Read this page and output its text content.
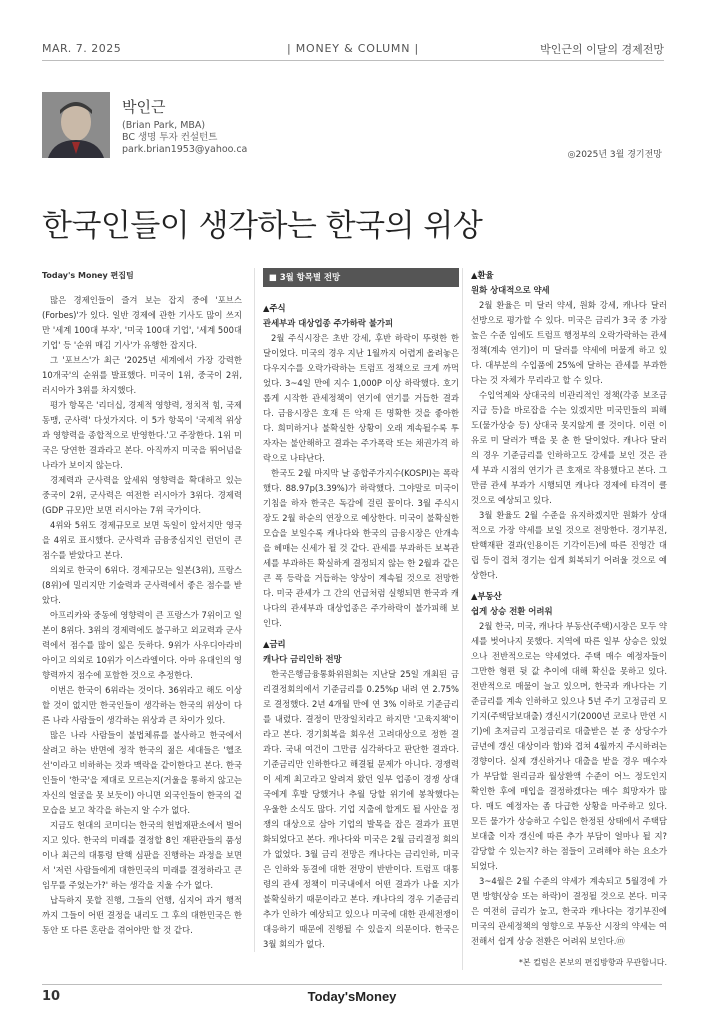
MAR. 7. 2025	| MONEY & COLUMN |	박인근의 이달의 경제전망
박인근
(Brian Park, MBA)
BC 생명 투자 컨설턴트
park.brian1953@yahoo.ca	◎2025년 3월 경기전망
한국인들이 생각하는 한국의 위상
Today's Money 편집팀

많은 경제인들이 즐겨 보는 잡지 중에 '포브스(Forbes)'가 있다. 일반 경제에 관한 기사도 많이 쓰지만 '세계 100대 부자', '미국 100대 기업', '세계 500대 기업' 등 '순위 매김 기사'가 유행한 잡지다.

그 '포브스'가 최근 '2025년 세계에서 가장 강력한 10개국'의 순위를 발표했다. 미국이 1위, 중국이 2위, 러시아가 3위를 차지했다.

평가 항목은 '리더십, 경제적 영향력, 정치적 힘, 국제 동맹, 군사력' 다섯가지다. 이 5가 항목이 '국제적 위상과 영향력을 종합적으로 반영한다.'고 주장한다. 1위 미국은 당연한 결과라고 본다. 아직까지 미국을 뛰어넘을 나라가 보이지 않는다.

경제력과 군사력을 앞세워 영향력을 확대하고 있는 중국이 2위, 군사력은 여전한 러시아가 3위다. 경제력(GDP 규모)만 보면 러시아는 7위 국가이다.

4위와 5위도 경제규모로 보면 독일이 앞서지만 영국을 4위로 표시했다. 군사력과 금융중심지인 런던이 큰 점수를 받았다고 본다.

의외로 한국이 6위다. 경제규모는 일본(3위), 프랑스(8위)에 밀리지만 기술력과 군사력에서 좋은 점수를 받았다.

아프리카와 중동에 영향력이 큰 프랑스가 7위이고 일본이 8위다. 3위의 경제력에도 불구하고 외교력과 군사력에서 점수를 많이 잃은 듯하다. 9위가 사우디아라비아이고 의외로 10위가 이스라엘이다. 아마 유대인의 영향력까지 점수에 포함한 것으로 추정한다.

이번은 한국이 6위라는 것이다. 36위라고 해도 이상할 것이 없지만 한국인들이 생각하는 한국의 위상이 다른 나라 사람들이 생각하는 위상과 큰 차이가 있다.

많은 나라 사람들이 불법체류를 불사하고 한국에서 살려고 하는 반면에 정작 한국의 젊은 세대들은 '헬조선'이라고 비하하는 것과 맥락을 같이한다고 본다. 한국인들이 '한국'을 제대로 모르는지(거울을 통하지 않고는 자신의 얼굴을 못 보듯이) 아니면 외국인들이 한국의 겉모습을 보고 착각을 하는지 알 수가 없다.

지금도 헌대의 코미디는 한국의 헌법재판소에서 벌어지고 있다. 한국의 미래를 결정할 8인 재판관들의 품성이나 최근의 대통령 탄핵 심판을 진행하는 과정을 보면서 '저런 사람들에게 대한민국의 미래를 결정하라고 큰 임무를 주었는가?' 하는 생각을 지울 수가 없다.

납득하지 못할 진행, 그들의 언행, 심지어 과거 행적까지 그들이 어떤 결정을 내리도 그 후의 대한민국은 한 동안 또 다른 혼란을 겪어야만 할 것 같다.

■ 3월 항목별 전망
▲주식
관세부과 대상업종 주가하락 불가피

2월 주식시장은 초반 강세, 후반 하락이 뚜렷한 한 달이었다. 미국의 경우 지난 1월까지 어렵게 올려놓은 다우지수를 오락가락하는 트럼프 정책으로 크게 까먹었다. 3~4일 만에 지수 1,000P 이상 하락했다. 호기롭게 시작한 관세정책이 연기에 연기를 거듭한 결과다. 금융시장은 호재 든 악재 든 명확한 것을 좋아한다. 희미하거나 불확실한 상황이 오래 계속될수록 투자자는 불안해하고 결과는 주가폭락 또는 채권가격 하락으로 나타난다.

한국도 2월 마지막 날 종합주가지수(KOSPI)는 폭락했다. 88.97p(3.39%)가 하락했다. 그야말로 미국이 기침을 하자 한국은 독감에 걸린 꼴이다. 3월 주식시장도 2월 하순의 연장으로 예상한다. 미국이 불확실한 모습을 보일수록 캐나다와 한국의 금융시장은 안개속을 헤매는 신세가 될 것 같다. 관세를 부과하든 보복관세를 부과하든 확실하게 결정되지 않는 한 2월과 같은 큰 폭 등락을 거듭하는 양상이 계속될 것으로 전망한다. 미국 관세가 그 간의 언급처럼 실행되면 한국과 캐나다의 관세부과 대상업종은 주가하락이 불가피해 보인다.

▲금리
캐나다 금리인하 전망

한국은행금융통화위원회는 지난달 25일 개최된 금리결정회의에서 기준금리를 0.25%p 내려 연 2.75%로 결정했다. 2년 4개월 만에 연 3% 이하로 기준금리를 내렸다. 결정이 만장일치라고 하지만 '고육지책'이라고 본다. 경기회복을 회우선 고려대상으로 정한 결과다. 국내 여건이 그만큼 심각하다고 판단한 결과다. 기준금리만 인하한다고 해결될 문제가 아니다. 경쟁력이 세계 최고라고 알려져 왔던 일부 업종이 경쟁 상대국에게 후발 당했거나 추월 당할 위기에 봉착했다는 우울한 소식도 많다. 기업 지출에 할게도 될 사안을 정쟁의 대상으로 삼아 기업의 발목을 잡은 결과가 표면화되었다고 본다. 캐나다와 미국은 2월 금리결정 회의가 없었다. 3월 금리 전망은 캐나다는 금리인하, 미국은 인하와 동결에 대한 전망이 반반이다. 트럼프 대통령의 관세 정책이 미국내에서 어떤 결과가 나올 지가 불확실하기 때문이라고 본다. 캐나다의 경우 기준금리 추가 인하가 예상되고 있으나 미국에 대한 관세전쟁이 대응하기 때문에 진행될 수 있을지 의문이다. 한국은 3월 회의가 없다.

▲환율
원화 상대적으로 약세

2월 환율은 미 달러 약세, 원화 강세, 캐나다 달러 선방으로 평가할 수 있다. 미국은 금리가 3국 중 가장 높은 수준 임에도 트럼프 행정부의 오락가락하는 관세 정책(계속 연기)이 미 달러를 약세에 머물게 하고 있다. 대부분의 수입품에 25%에 달하는 관세를 부과한다는 것 자체가 무리라고 할 수 있다.

수입억제와 상대국의 비관리적인 정책(각종 보조금 지급 등)을 바로잡을 수는 있겠지만 미국민들의 피해도(물가상승 등) 상대국 못지않게 클 것이다. 이런 이유로 미 달러가 맥을 못 춘 한 달이었다. 캐나다 달러의 경우 기준금리를 인하하고도 강세를 보인 것은 관세 부과 시점의 연기가 큰 호재로 작용했다고 본다. 그 만큼 관세 부과가 시행되면 캐나다 경제에 타격이 클 것으로 예상되고 있다.

3월 환율도 2월 수준을 유지하겠지만 원화가 상대적으로 가장 약세를 보일 것으로 전망한다. 경기부진, 탄핵재판 결과(인용이든 기각이든)에 따른 진영간 대립 등이 겹쳐 경기는 쉽게 회복되기 어려울 것으로 예상한다.

▲부동산
쉽게 상승 전환 어려워

2월 한국, 미국, 캐나다 부동산(주택)시장은 모두 약세를 벗어나지 못했다. 지역에 따른 일부 상승은 있었으나 전반적으로는 약세였다. 주택 매수 예정자들이 그만한 형편 뒷 값 추이에 대해 확신을 못하고 있다. 전반적으로 매물이 늘고 있으며, 한국과 캐나다는 기준금리를 계속 인하하고 있으나 5년 주기 고정금리 모기지(주택담보대출) 갱신시기(2000년 코로나 만연 시기)에 초저금리 고정금리로 대출받은 분 중 상당수가 금년에 갱신 대상이라 함)와 겹쳐 4월까지 주시하려는 경향이다. 실제 갱신하거나 대출을 받을 경우 매수자가 부담할 원리금과 월상환액 수준이 어느 정도인지 확인한 후에 매입을 결정하겠다는 매수 희망자가 많다. 매도 예정자는 좀 다급한 상황을 마주하고 있다. 모든 물가가 상승하고 수입은 한정된 상태에서 주택담보대출 이자 갱신에 따른 추가 부담이 얼마나 될 지? 감당할 수 있는지? 하는 점들이 고려해야 하는 요소가 되었다.

3~4월은 2월 수준의 약세가 계속되고 5월경에 가면 방향(상승 또는 하락)이 결정될 것으로 본다. 미국은 여전히 금리가 높고, 한국과 캐나다는 경기부진에 미국의 관세정책의 영향으로 부동산 시장의 약세는 여전해서 쉽게 상승 전환은 어려워 보인다.ⓜ

*본 컬럼은 본보의 편집방향과 무관합니다.
10	Today'sMoney
